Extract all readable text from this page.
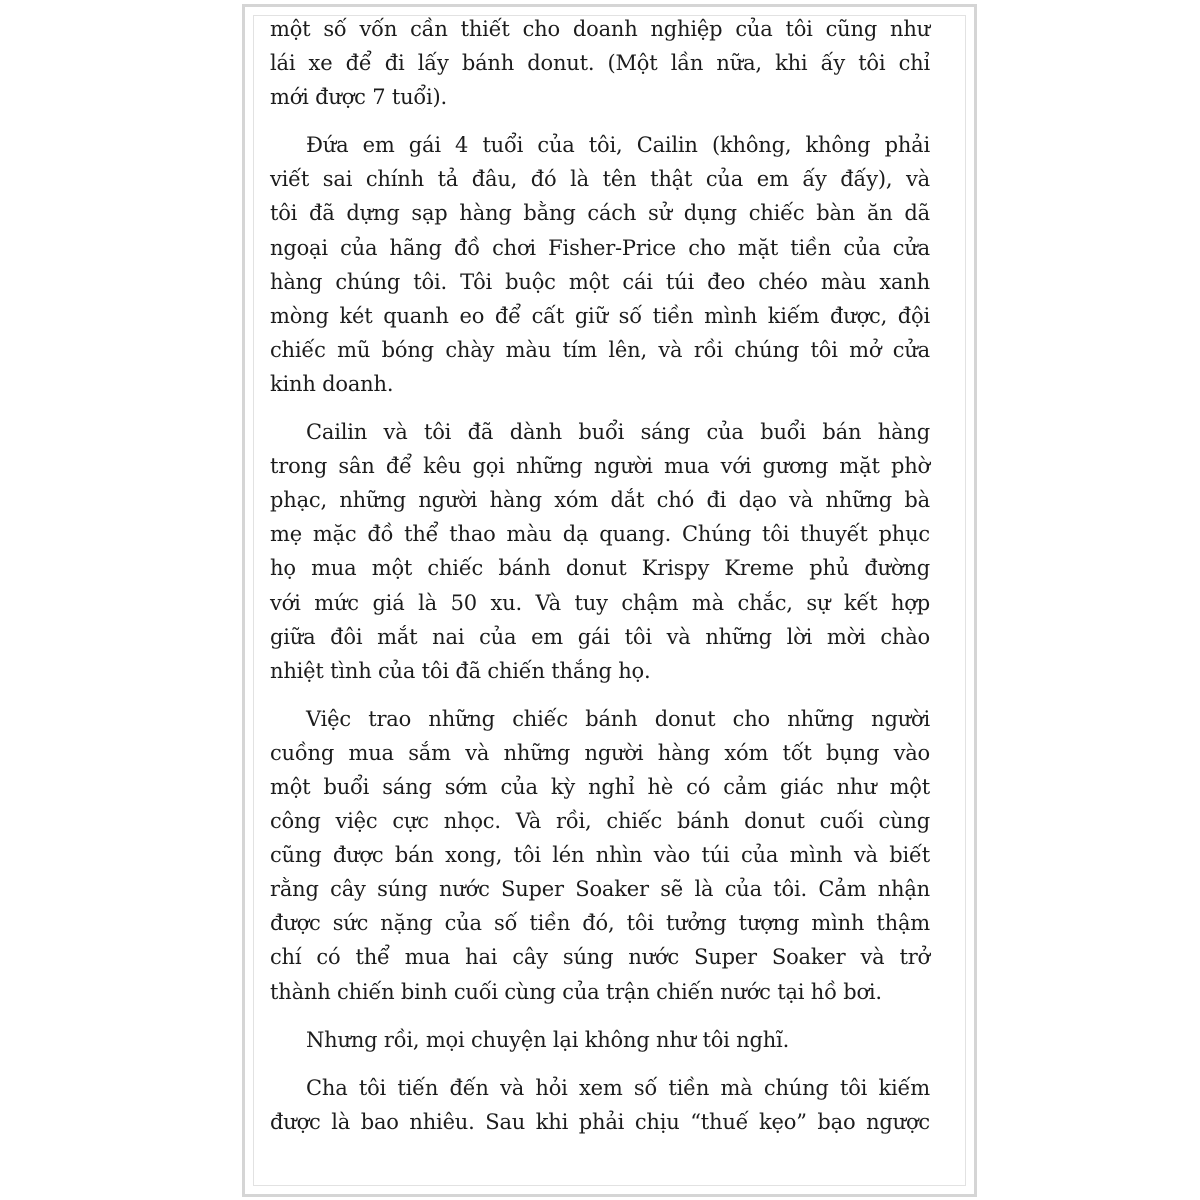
một số vốn cần thiết cho doanh nghiệp của tôi cũng như
lái xe để đi lấy bánh donut. (Một lần nữa, khi ấy tôi chỉ
mới được 7 tuổi).
Đứa em gái 4 tuổi của tôi, Cailin (không, không phải
viết sai chính tả đâu, đó là tên thật của em ấy đấy), và
tôi đã dựng sạp hàng bằng cách sử dụng chiếc bàn ăn dã
ngoại của hãng đồ chơi Fisher-Price cho mặt tiền của cửa
hàng chúng tôi. Tôi buộc một cái túi đeo chéo màu xanh
mòng két quanh eo để cất giữ số tiền mình kiếm được, đội
chiếc mũ bóng chày màu tím lên, và rồi chúng tôi mở cửa
kinh doanh.
Cailin và tôi đã dành buổi sáng của buổi bán hàng
trong sân để kêu gọi những người mua với gương mặt phờ
phạc, những người hàng xóm dắt chó đi dạo và những bà
mẹ mặc đồ thể thao màu dạ quang. Chúng tôi thuyết phục
họ mua một chiếc bánh donut Krispy Kreme phủ đường
với mức giá là 50 xu. Và tuy chậm mà chắc, sự kết hợp
giữa đôi mắt nai của em gái tôi và những lời mời chào
nhiệt tình của tôi đã chiến thắng họ.
Việc trao những chiếc bánh donut cho những người
cuồng mua sắm và những người hàng xóm tốt bụng vào
một buổi sáng sớm của kỳ nghỉ hè có cảm giác như một
công việc cực nhọc. Và rồi, chiếc bánh donut cuối cùng
cũng được bán xong, tôi lén nhìn vào túi của mình và biết
rằng cây súng nước Super Soaker sẽ là của tôi. Cảm nhận
được sức nặng của số tiền đó, tôi tưởng tượng mình thậm
chí có thể mua hai cây súng nước Super Soaker và trở
thành chiến binh cuối cùng của trận chiến nước tại hồ bơi.
Nhưng rồi, mọi chuyện lại không như tôi nghĩ.
Cha tôi tiến đến và hỏi xem số tiền mà chúng tôi kiếm
được là bao nhiêu. Sau khi phải chịu “thuế kẹo” bạo ngược
